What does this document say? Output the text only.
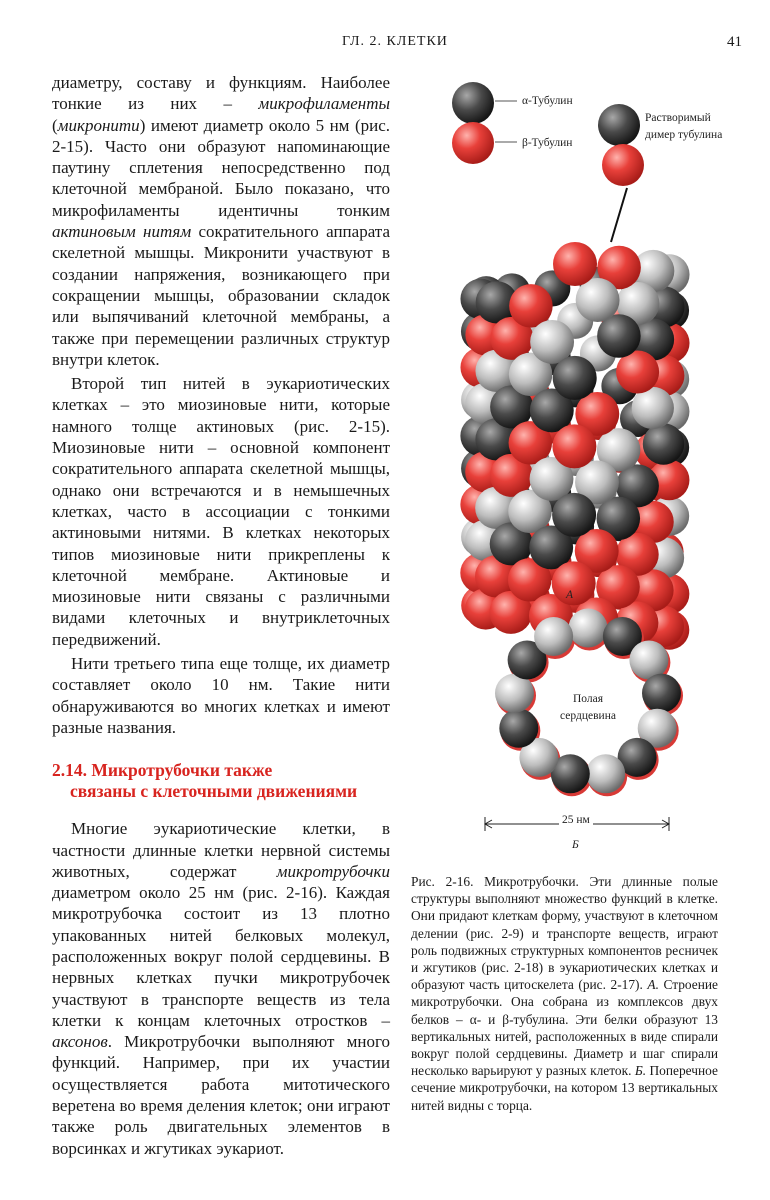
ГЛ. 2. КЛЕТКИ	41

диаметру, составу и функциям. Наиболее тонкие из них – микрофиламенты (микронити) имеют диаметр около 5 нм (рис. 2-15). Часто они образуют напоминающие паутину сплетения непосредственно под клеточной мембраной. Было показано, что микрофиламенты идентичны тонким актиновым нитям сократительного аппарата скелетной мышцы. Микронити участвуют в создании напряжения, возникающего при сокращении мышцы, образовании складок или выпячиваний клеточной мембраны, а также при перемещении различных структур внутри клеток.

Второй тип нитей в эукариотических клетках – это миозиновые нити, которые намного толще актиновых (рис. 2-15). Миозиновые нити – основной компонент сократительного аппарата скелетной мышцы, однако они встречаются и в немышечных клетках, часто в ассоциации с тонкими актиновыми нитями. В клетках некоторых типов миозиновые нити прикреплены к клеточной мембране. Актиновые и миозиновые нити связаны с различными видами клеточных и внутриклеточных передвижений.

Нити третьего типа еще толще, их диаметр составляет около 10 нм. Такие нити обнаруживаются во многих клетках и имеют разные названия.

2.14. Микротрубочки также
связаны с клеточными движениями

Многие эукариотические клетки, в частности длинные клетки нервной системы животных, содержат микротрубочки диаметром около 25 нм (рис. 2-16). Каждая микротрубочка состоит из 13 плотно упакованных нитей белковых молекул, расположенных вокруг полой сердцевины. В нервных клетках пучки микротрубочек участвуют в транспорте веществ из тела клетки к концам клеточных отростков – аксонов. Микротрубочки выполняют много функций. Например, при их участии осуществляется работа митотического веретена во время деления клеток; они играют также роль двигательных элементов в ворсинках и жгутиках эукариот.

α-Тубулин
β-Тубулин
Растворимый
димер тубулина
А
Полая
сердцевина
25 нм
Б

Рис. 2-16. Микротрубочки. Эти длинные полые структуры выполняют множество функций в клетке. Они придают клеткам форму, участвуют в клеточном делении (рис. 2-9) и транспорте веществ, играют роль подвижных структурных компонентов ресничек и жгутиков (рис. 2-18) в эукариотических клетках и образуют часть цитоскелета (рис. 2-17). А. Строение микротрубочки. Она собрана из комплексов двух белков – α- и β-тубулина. Эти белки образуют 13 вертикальных нитей, расположенных в виде спирали вокруг полой сердцевины. Диаметр и шаг спирали несколько варьируют у разных клеток. Б. Поперечное сечение микротрубочки, на котором 13 вертикальных нитей видны с торца.
